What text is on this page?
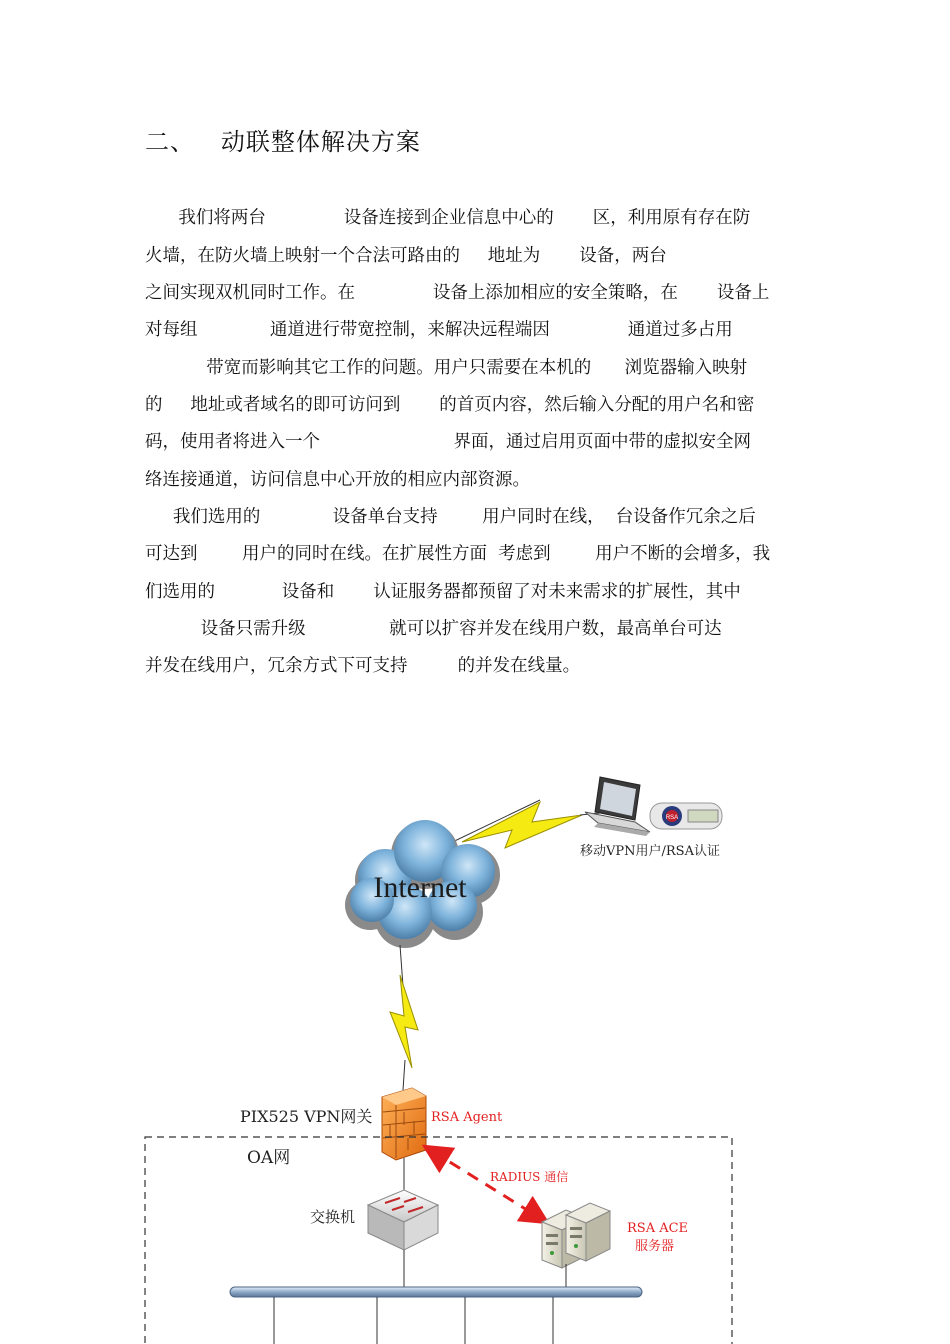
二、   动联整体解决方案
我们将两台              设备连接到企业信息中心的       区，利用原有存在防
火墙，在防火墙上映射一个合法可路由的     地址为       设备，两台
之间实现双机同时工作。在              设备上添加相应的安全策略，在       设备上
对每组             通道进行带宽控制，来解决远程端因              通道过多占用
带宽而影响其它工作的问题。用户只需要在本机的      浏览器输入映射
的     地址或者域名的即可访问到       的首页内容，然后输入分配的用户名和密
码，使用者将进入一个                        界面，通过启用页面中带的虚拟安全网
络连接通道，访问信息中心开放的相应内部资源。
我们选用的             设备单台支持        用户同时在线，  台设备作冗余之后
可达到        用户的同时在线。在扩展性方面  考虑到        用户不断的会增多，我
们选用的            设备和       认证服务器都预留了对未来需求的扩展性，其中
设备只需升级               就可以扩容并发在线用户数，最高单台可达
并发在线用户，冗余方式下可支持         的并发在线量。
RSA
移动VPN用户/RSA认证
Internet
PIX525 VPN网关	RSA Agent
OA网
交换机
RADIUS 通信
RSA ACE
服务器
